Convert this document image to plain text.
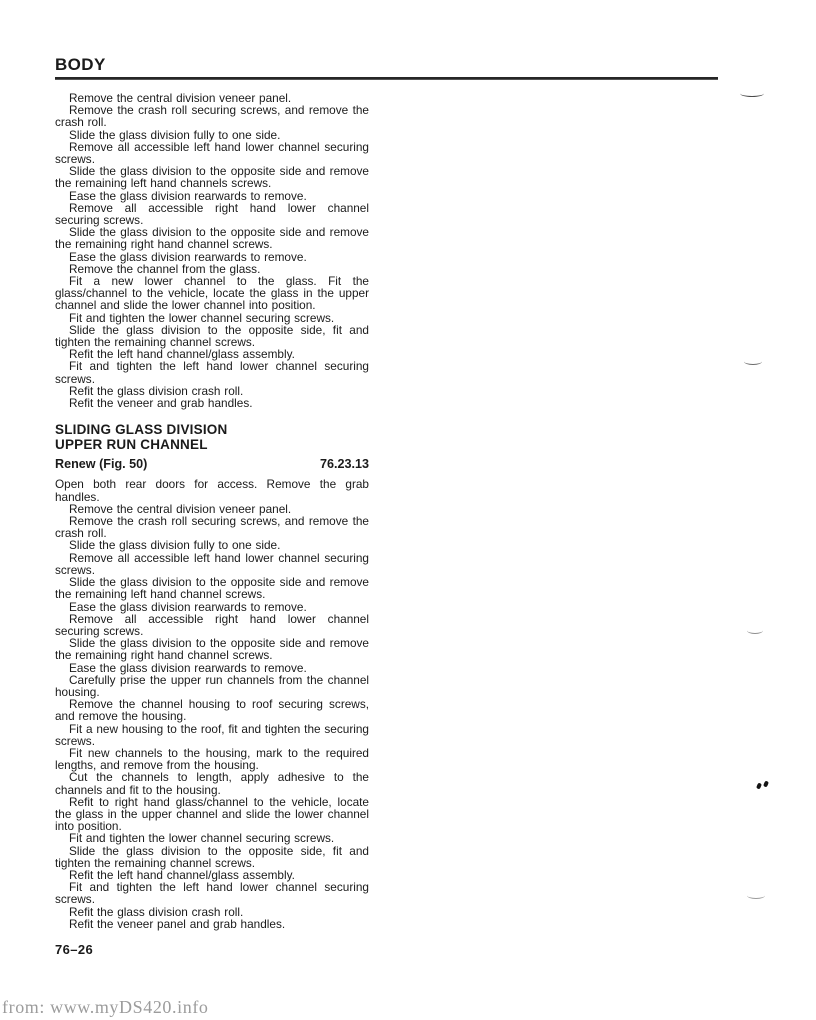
BODY

Remove the central division veneer panel.

Remove the crash roll securing screws, and remove the crash roll.

Slide the glass division fully to one side.

Remove all accessible left hand lower channel securing screws.

Slide the glass division to the opposite side and remove the remaining left hand channels screws.

Ease the glass division rearwards to remove.

Remove all accessible right hand lower channel securing screws.

Slide the glass division to the opposite side and remove the remaining right hand channel screws.

Ease the glass division rearwards to remove.

Remove the channel from the glass.

Fit a new lower channel to the glass. Fit the glass/channel to the vehicle, locate the glass in the upper channel and slide the lower channel into position.

Fit and tighten the lower channel securing screws.

Slide the glass division to the opposite side, fit and tighten the remaining channel screws.

Refit the left hand channel/glass assembly.

Fit and tighten the left hand lower channel securing screws.

Refit the glass division crash roll.

Refit the veneer and grab handles.

SLIDING GLASS DIVISION
UPPER RUN CHANNEL
Renew (Fig. 50)	76.23.13

Open both rear doors for access. Remove the grab handles.

Remove the central division veneer panel.

Remove the crash roll securing screws, and remove the crash roll.

Slide the glass division fully to one side.

Remove all accessible left hand lower channel securing screws.

Slide the glass division to the opposite side and remove the remaining left hand channel screws.

Ease the glass division rearwards to remove.

Remove all accessible right hand lower channel securing screws.

Slide the glass division to the opposite side and remove the remaining right hand channel screws.

Ease the glass division rearwards to remove.

Carefully prise the upper run channels from the channel housing.

Remove the channel housing to roof securing screws, and remove the housing.

Fit a new housing to the roof, fit and tighten the securing screws.

Fit new channels to the housing, mark to the required lengths, and remove from the housing.

Cut the channels to length, apply adhesive to the channels and fit to the housing.

Refit to right hand glass/channel to the vehicle, locate the glass in the upper channel and slide the lower channel into position.

Fit and tighten the lower channel securing screws.

Slide the glass division to the opposite side, fit and tighten the remaining channel screws.

Refit the left hand channel/glass assembly.

Fit and tighten the left hand lower channel securing screws.

Refit the glass division crash roll.

Refit the veneer panel and grab handles.

76–26
from: www.myDS420.info
